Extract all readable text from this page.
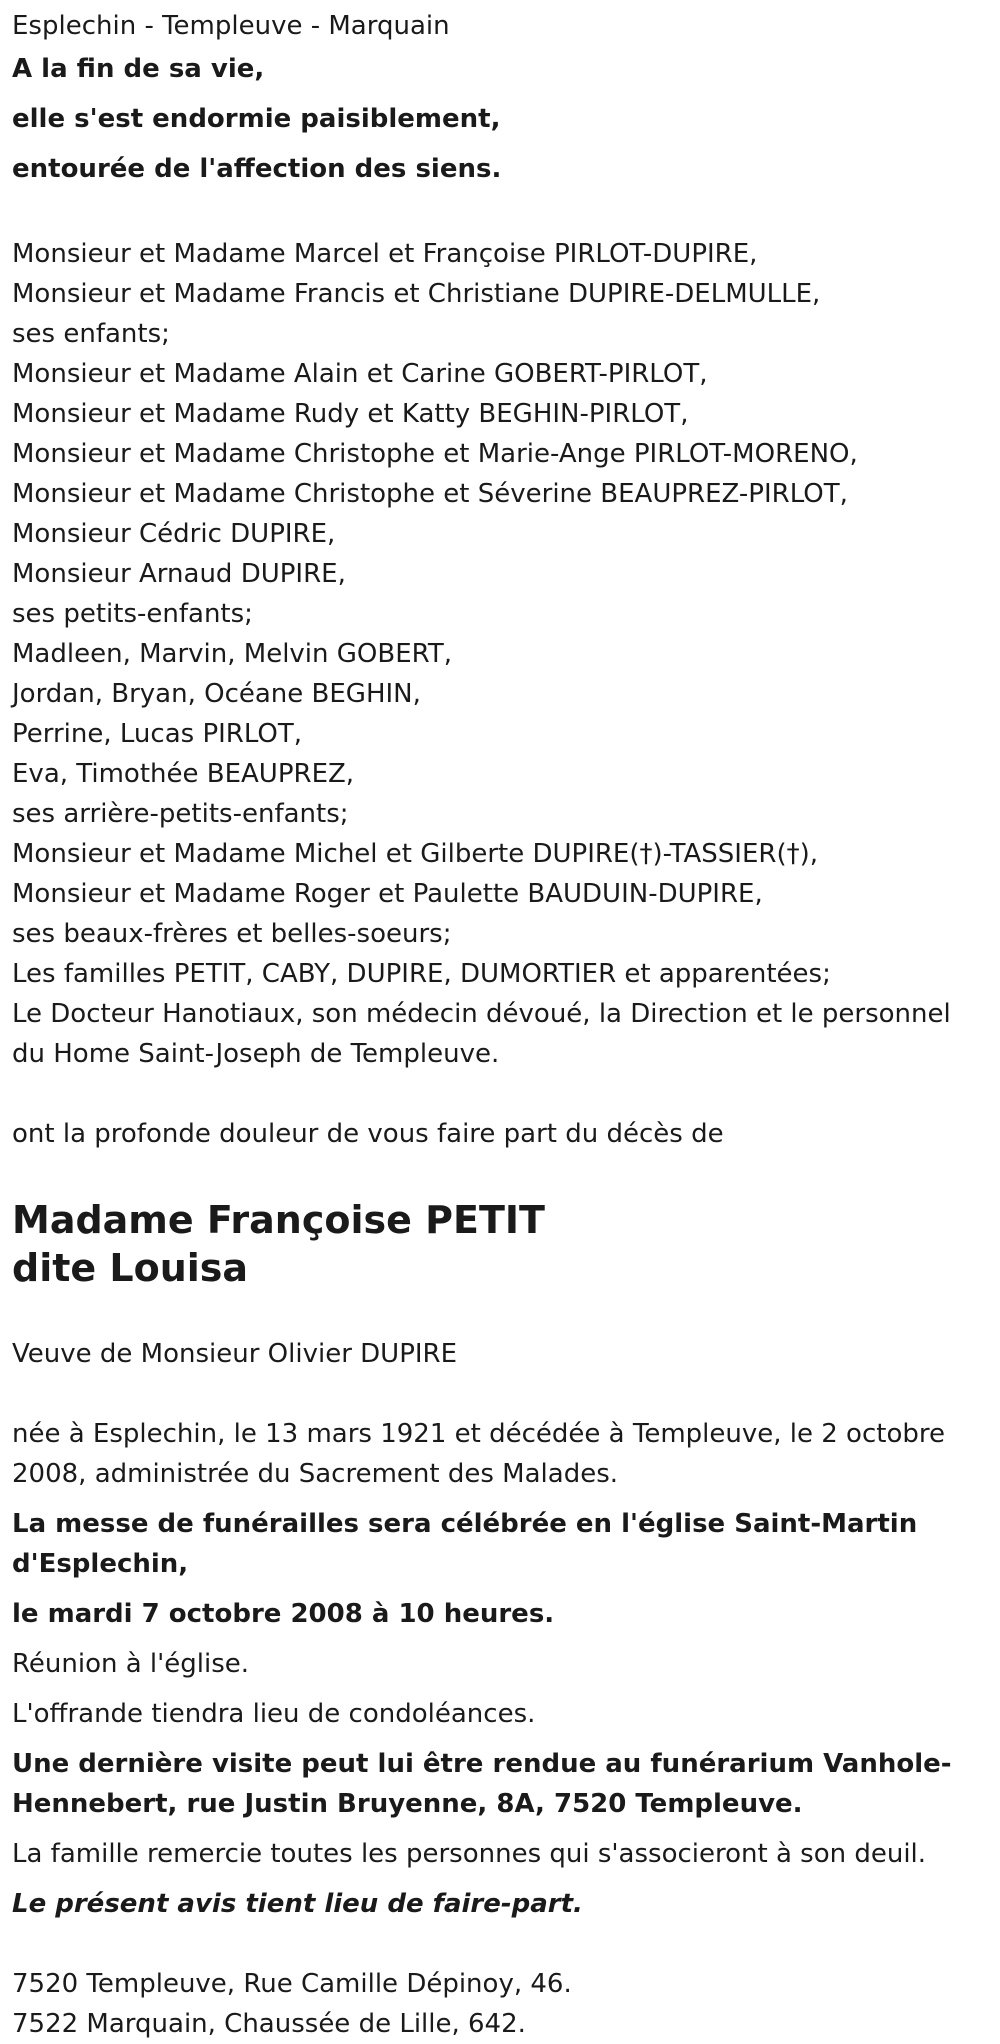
Esplechin - Templeuve - Marquain
A la fin de sa vie,
elle s'est endormie paisiblement,
entourée de l'affection des siens.
Monsieur et Madame Marcel et Françoise PIRLOT-DUPIRE,
Monsieur et Madame Francis et Christiane DUPIRE-DELMULLE,
ses enfants;
Monsieur et Madame Alain et Carine GOBERT-PIRLOT,
Monsieur et Madame Rudy et Katty BEGHIN-PIRLOT,
Monsieur et Madame Christophe et Marie-Ange PIRLOT-MORENO,
Monsieur et Madame Christophe et Séverine BEAUPREZ-PIRLOT,
Monsieur Cédric DUPIRE,
Monsieur Arnaud DUPIRE,
ses petits-enfants;
Madleen, Marvin, Melvin GOBERT,
Jordan, Bryan, Océane BEGHIN,
Perrine, Lucas PIRLOT,
Eva, Timothée BEAUPREZ,
ses arrière-petits-enfants;
Monsieur et Madame Michel et Gilberte DUPIRE(†)-TASSIER(†),
Monsieur et Madame Roger et Paulette BAUDUIN-DUPIRE,
ses beaux-frères et belles-soeurs;
Les familles PETIT, CABY, DUPIRE, DUMORTIER et apparentées;
Le Docteur Hanotiaux, son médecin dévoué, la Direction et le personnel
du Home Saint-Joseph de Templeuve.
ont la profonde douleur de vous faire part du décès de
Madame Françoise PETIT
dite Louisa
Veuve de Monsieur Olivier DUPIRE
née à Esplechin, le 13 mars 1921 et décédée à Templeuve, le 2 octobre
2008, administrée du Sacrement des Malades.
La messe de funérailles sera célébrée en l'église Saint-Martin
d'Esplechin,
le mardi 7 octobre 2008 à 10 heures.
Réunion à l'église.
L'offrande tiendra lieu de condoléances.
Une dernière visite peut lui être rendue au funérarium Vanhole-
Hennebert, rue Justin Bruyenne, 8A, 7520 Templeuve.
La famille remercie toutes les personnes qui s'associeront à son deuil.
Le présent avis tient lieu de faire-part.
7520 Templeuve, Rue Camille Dépinoy, 46.
7522 Marquain, Chaussée de Lille, 642.
